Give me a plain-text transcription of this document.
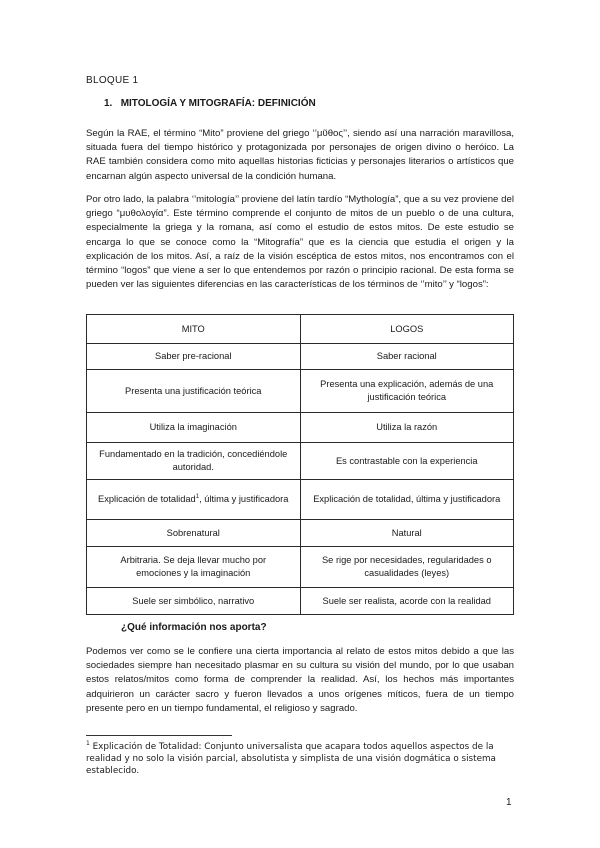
BLOQUE 1
1. MITOLOGÍA Y MITOGRAFÍA: DEFINICIÓN

Según la RAE, el término “Mito” proviene del griego ‘’μῦθος’’, siendo así una narración maravillosa, situada fuera del tiempo histórico y protagonizada por personajes de origen divino o heróico. La RAE también considera como mito aquellas historias ficticias y personajes literarios o artísticos que encarnan algún aspecto universal de la condición humana.

Por otro lado, la palabra ‘’mitología’’ proviene del latín tardío “Mythología”, que a su vez proviene del griego “μυθολογία”. Este término comprende el conjunto de mitos de un pueblo o de una cultura, especialmente la griega y la romana, así como el estudio de estos mitos. De este estudio se encarga lo que se conoce como la “Mitografía” que es la ciencia que estudia el origen y la explicación de los mitos. Así, a raíz de la visión escéptica de estos mitos, nos encontramos con el término “logos” que viene a ser lo que entendemos por razón o principio racional. De esta forma se pueden ver las siguientes diferencias en las características de los términos de ‘’mito’’ y “logos”:

MITO	LOGOS
Saber pre-racional	Saber racional
Presenta una justificación teórica	Presenta una explicación, además de una justificación teórica
Utiliza la imaginación	Utiliza la razón
Fundamentado en la tradición, concediéndole autoridad.	Es contrastable con la experiencia
Explicación de totalidad$^1$, última y justificadora	Explicación de totalidad, última y justificadora
Sobrenatural	Natural
Arbitraria. Se deja llevar mucho por emociones y la imaginación	Se rige por necesidades, regularidades o casualidades (leyes)
Suele ser simbólico, narrativo	Suele ser realista, acorde con la realidad
¿Qué información nos aporta?

Podemos ver como se le confiere una cierta importancia al relato de estos mitos debido a que las sociedades siempre han necesitado plasmar en su cultura su visión del mundo, por lo que usaban estos relatos/mitos como forma de comprender la realidad. Así, los hechos más importantes adquirieron un carácter sacro y fueron llevados a unos orígenes míticos, fuera de un tiempo presente pero en un tiempo fundamental, el religioso y sagrado.

$^1$ Explicación de Totalidad: Conjunto universalista que acapara todos aquellos aspectos de la realidad y no solo la visión parcial, absolutista y simplista de una visión dogmática o sistema establecido.

1
